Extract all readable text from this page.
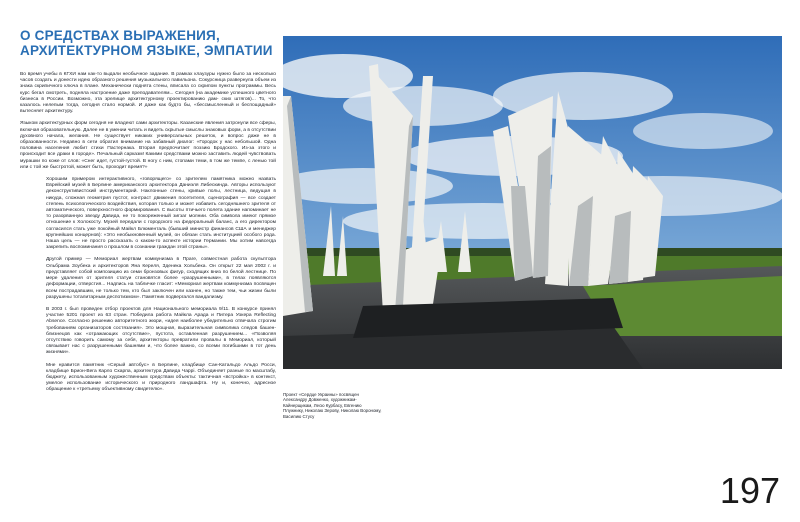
О СРЕДСТВАХ ВЫРАЖЕНИЯ,
АРХИТЕКТУРНОМ ЯЗЫКЕ, ЭМПАТИИ

Во время учебы в КГХИ нам как-то выдали необычное задание. В рамках клаузуры нужно было за несколько часов создать и донести идею образного решения музыкального павильона. Сокурсница развернула объем из знака скрипичного ключа в плане. Механически поднята стены, вписала со скрипом пункты программы. Весь курс бегал смотреть, подняла настроение даже преподавателям... Сегодня (на академике успешного цветного бизнеса в России. Возможно, эта зрелище архитектурному проектированию дам- ских штягов)... То, что казалось нелепым тогда, сегодня стало нормой. И даже как будто бы, «бессмысленный и беспощадный» вытесняет архитектуру.

Языком архитектурных форм сегодня не владеют сами архитекторы. Казанские явления затронули все сферы, включая образовательную. Далее не в умении читать и видеть скрытые смыслы знаковых форм, а в отсутствии духовного начала, желания. Не существует никаких универсальных решеток, и вопрос даже не в образованности. Недавно в сети обратил внимание на забавный диалог: «Городок у нас небольшой. Одна половина населения любит стихи Пастернака. Вторая предпочитает поэзию Бродского. Из-за этого и происходит все драки в городе». Печальный сарказм! Какими средствами можно заставить людей чувствовать мурашки по коже от слов: «Снег идет, густой-густой. В ногу с ним, стопами теми, в том же темпе, с ленью той или с той же быстротой, может быть, проходит время?»

Хорошим примером интерактивного, «говорящего» со зрителем памятника можно назвать Еврейский музей в Берлине американского архитектора Даниэля Либескинда. Авторы используют деконструктивистский инструментарий. Наклонные стены, кривые полы, лестница, ведущая в никуда, сложная геометрия пустот, контраст движения посетителя, сценография — все создает степень психологического воздействия, которая только и может избавить сегодняшнего зрителя от автоматического, поверхностного формирования. С высоты птичьего полета здание напоминает не то разорванную звезду Давида, не то покореженный зигзаг молнии. Оба символа имеют прямое отношение к Холокосту. Музей передали с городского на федеральный баланс, а его директором согласился стать уже покойный Майкл Блюменталь (бывший министр финансов США и менеджер крупнейших концернов): «Это необыкновенный музей, он обязан стать институцией особого рода. Наша цель — не просто рассказать о каком-то аспекте истории Германии. Мы хотим навсегда закрепить воспоминания о прошлом в сознании граждан этой страны».

Другой пример — Мемориал жертвам коммунизма в Праге, совместная работа скульптора Ольбрама Зоубека и архитекторов Яна Кереля, Зденека Хольбека. Он открыт 22 мая 2002 г. и представляет собой композицию из семи бронзовых фигур, сходящих вниз по белой лестнице. По мере удаления от зрителя статуи становятся более «разрушенными», в телах появляются деформации, отверстия... Надпись на табличке гласит: «Мемориал жертвам коммунизма посвящен всем пострадавшим, не только тем, кто был заключен или казнен, но также тем, чьи жизни были разрушены тоталитарным деспотизмом». Памятник подвергался вандализму.

В 2003 г. был проведен отбор проектов для Национального мемориала 9/11. В конкурсе принял участие 5201 проект из 63 стран. Победила работа Майкла Арада и Питера Уокера Reflecting Absence. Согласно решению авторитетного жюри, «идея наиболее убедительно отвечала строгим требованиям организаторов состязания». Это мощная, выразительная символика следов башен-близнецов как «отражающих отсутствие», пустота, оставленная разрушением... «Позволяя отсутствию говорить самому за себя, архитекторы превратили провалы в Мемориал, который связывает нас с разрушенными башнями и, что более важно, со всеми погибшими в тот день жизнями».

Мне нравится памятник «Серый автобус» в Берлине, кладбище Сан-Катальдо Альдо Росси, кладбище Брион-Вега Карло Скарпа, архитектура Давида Чаррi. Объединяет разные по масштабу, бюджету, использованным художественным средствам объекты: тактичная «встройка» в контекст, умелое использование исторического и природного ландшафта. Ну и, конечно, адресное обращение к «третьему объективному свидетелю».

Проект «Сердце Украины» посвящен Александру Довженко, художникам-Кайнерщикам, Лесю Курбасу, Евгению Плужнику, Николаю Зерову, Николаю Вороному, Василию Стусу
197
